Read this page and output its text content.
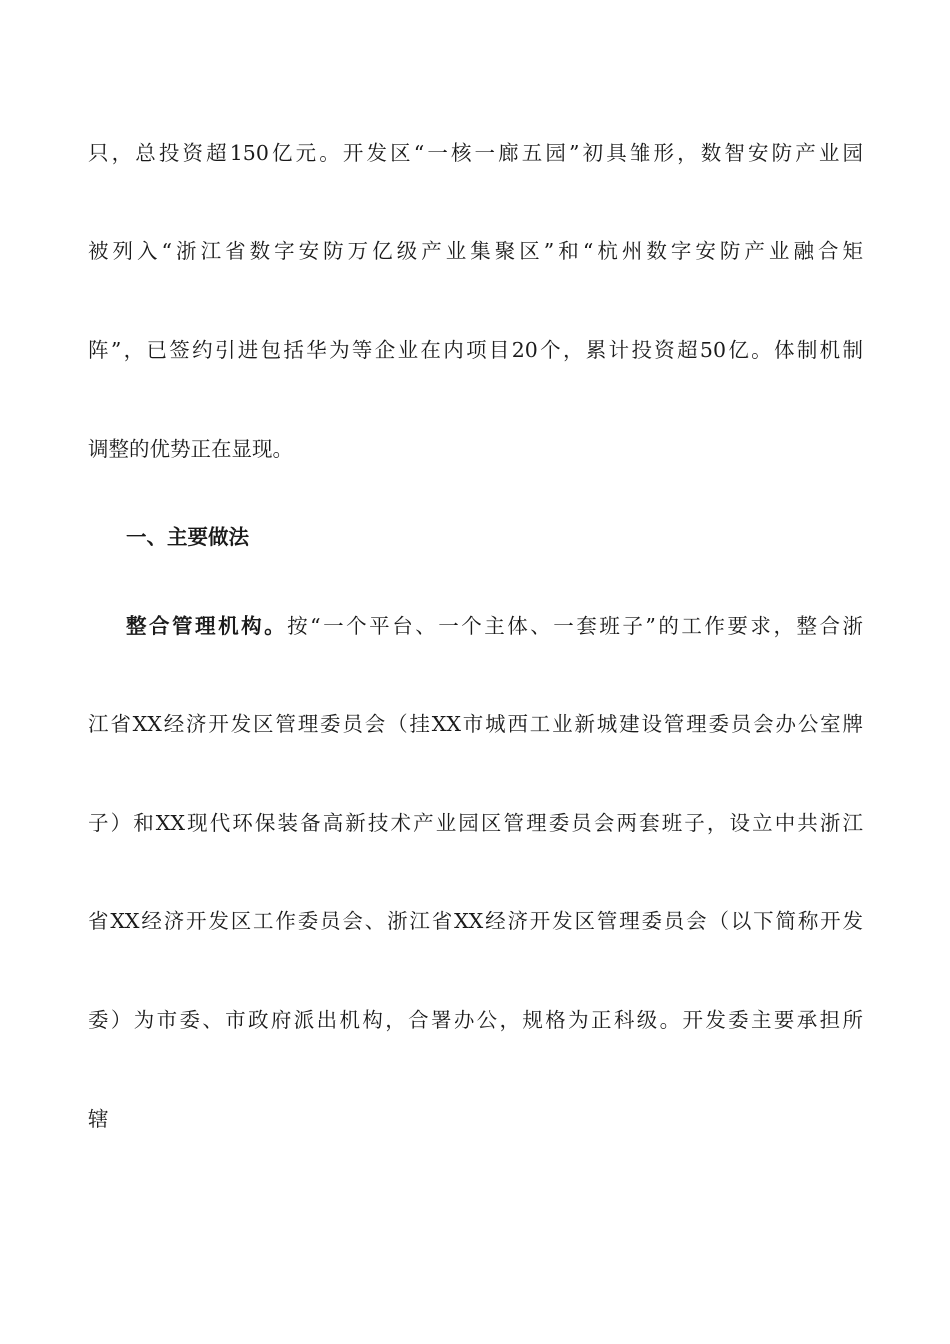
只，总投资超150亿元。开发区“一核一廊五园”初具雏形，数智安防产业园
被列入“浙江省数字安防万亿级产业集聚区”和“杭州数字安防产业融合矩
阵”，已签约引进包括华为等企业在内项目20个，累计投资超50亿。体制机制
调整的优势正在显现。
一、主要做法
整合管理机构。按“一个平台、一个主体、一套班子”的工作要求，整合浙
江省XX经济开发区管理委员会（挂XX市城西工业新城建设管理委员会办公室牌
子）和XX现代环保装备高新技术产业园区管理委员会两套班子，设立中共浙江
省XX经济开发区工作委员会、浙江省XX经济开发区管理委员会（以下简称开发
委）为市委、市政府派出机构，合署办公，规格为正科级。开发委主要承担所
辖
